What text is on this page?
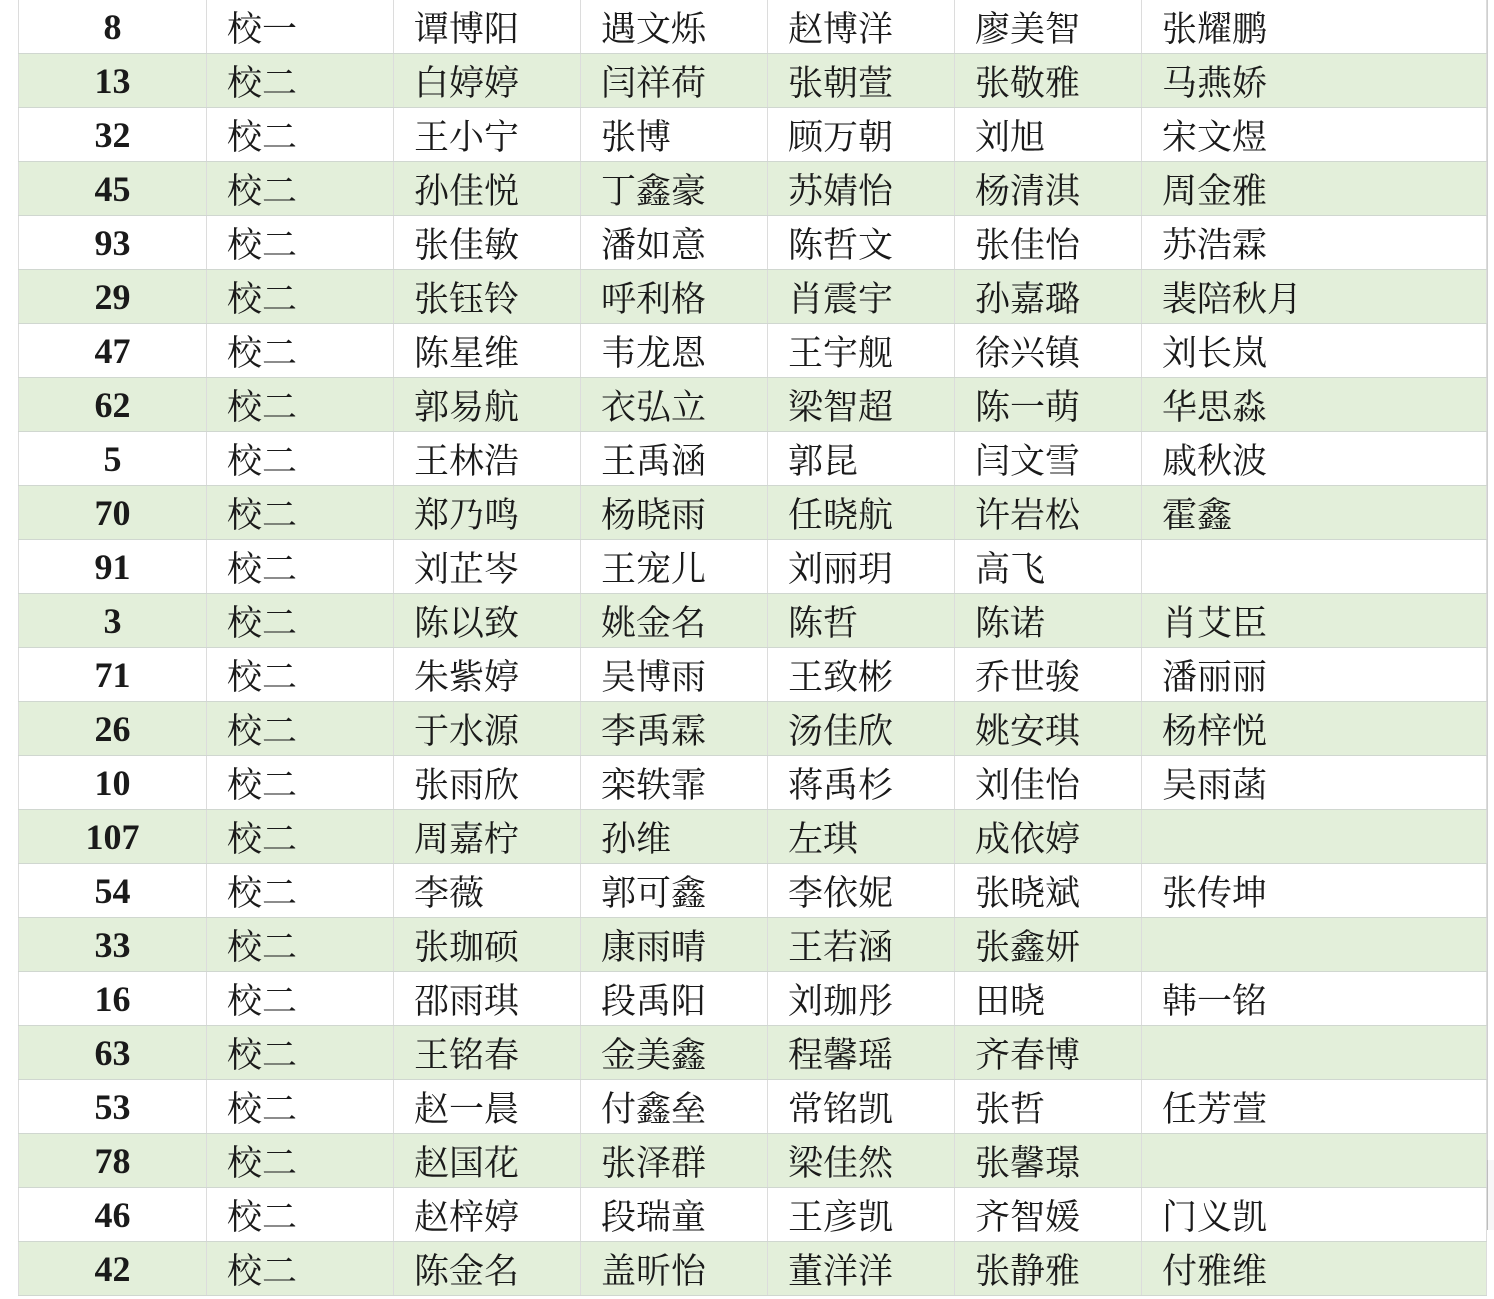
8	校一	谭博阳	遇文烁	赵博洋	廖美智	张耀鹏
13	校二	白婷婷	闫祥荷	张朝萱	张敬雅	马燕娇
32	校二	王小宁	张博	顾万朝	刘旭	宋文煜
45	校二	孙佳悦	丁鑫豪	苏婧怡	杨清淇	周金雅
93	校二	张佳敏	潘如意	陈哲文	张佳怡	苏浩霖
29	校二	张钰铃	呼利格	肖震宇	孙嘉璐	裴陪秋月
47	校二	陈星维	韦龙恩	王宇舰	徐兴镇	刘长岚
62	校二	郭易航	衣弘立	梁智超	陈一萌	华思淼
5	校二	王林浩	王禹涵	郭昆	闫文雪	戚秋波
70	校二	郑乃鸣	杨晓雨	任晓航	许岩松	霍鑫
91	校二	刘芷岑	王宠儿	刘丽玥	高飞	
3	校二	陈以致	姚金名	陈哲	陈诺	肖艾臣
71	校二	朱紫婷	吴博雨	王致彬	乔世骏	潘丽丽
26	校二	于水源	李禹霖	汤佳欣	姚安琪	杨梓悦
10	校二	张雨欣	栾轶霏	蒋禹杉	刘佳怡	吴雨菡
107	校二	周嘉柠	孙维	左琪	成依婷	
54	校二	李薇	郭可鑫	李依妮	张晓斌	张传坤
33	校二	张珈硕	康雨晴	王若涵	张鑫妍	
16	校二	邵雨琪	段禹阳	刘珈彤	田晓	韩一铭
63	校二	王铭春	金美鑫	程馨瑶	齐春博	
53	校二	赵一晨	付鑫垒	常铭凯	张哲	任芳萱
78	校二	赵国花	张泽群	梁佳然	张馨璟	
46	校二	赵梓婷	段瑞童	王彦凯	齐智媛	门义凯
42	校二	陈金名	盖昕怡	董洋洋	张静雅	付雅维
